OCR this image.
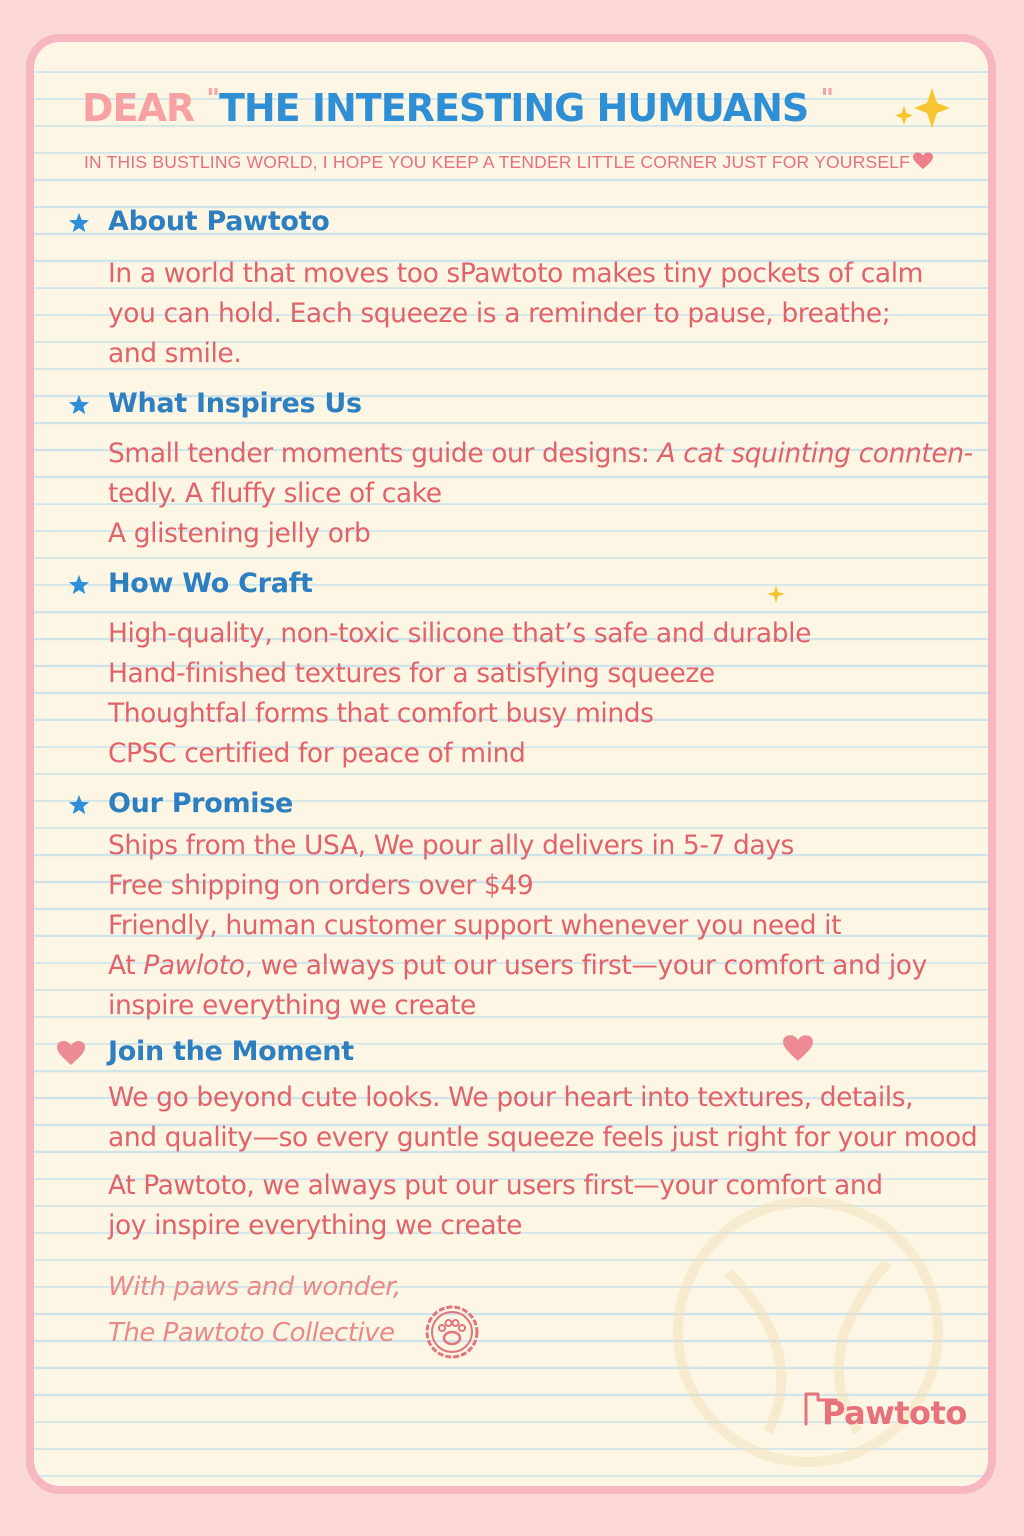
DEAR "THE INTERESTING HUMUANS "

IN THIS BUSTLING WORLD, I HOPE YOU KEEP A TENDER LITTLE CORNER JUST FOR YOURSELF

About Pawtoto

In a world that moves too sPawtoto makes tiny pockets of calm

you can hold. Each squeeze is a reminder to pause, breathe;

and smile.

What Inspires Us

Small tender moments guide our designs: A cat squinting connten-

tedly. A fluffy slice of cake

A glistening jelly orb

How Wo Craft

High-quality, non-toxic silicone that’s safe and durable

Hand-finished textures for a satisfying squeeze

Thoughtfal forms that comfort busy minds

CPSC certified for peace of mind

Our Promise

Ships from the USA, We pour ally delivers in 5-7 days

Free shipping on orders over $49

Friendly, human customer support whenever you need it

At Pawloto, we always put our users first—your comfort and joy

inspire everything we create

Join the Moment

We go beyond cute looks. We pour heart into textures, details,

and quality—so every guntle squeeze feels just right for your mood

At Pawtoto, we always put our users first—your comfort and

joy inspire everything we create

With paws and wonder,
The Pawtoto Collective
Pawtoto
